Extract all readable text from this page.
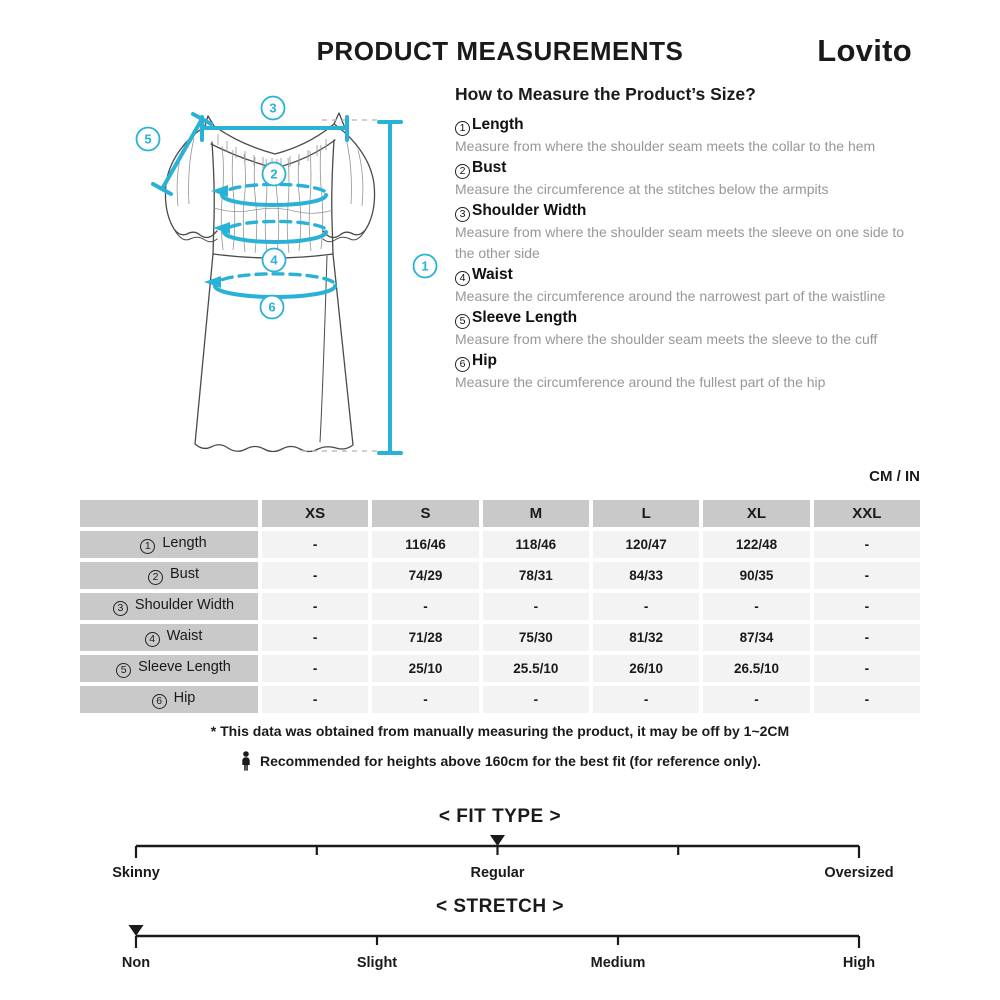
PRODUCT MEASUREMENTS	Lovito
1
2
3
4
5
6
How to Measure the Product’s Size?
1 Length
Measure from where the shoulder seam meets the collar to the hem
2 Bust
Measure the circumference at the stitches below the armpits
3 Shoulder Width
Measure from where the shoulder seam meets the sleeve on one side to the other side
4 Waist
Measure the circumference around the narrowest part of the waistline
5 Sleeve Length
Measure from where the shoulder seam meets the sleeve to the cuff
6 Hip
Measure the circumference around the fullest part of the hip
CM / IN
	XS	S	M	L	XL	XXL
1 Length	-	116/46	118/46	120/47	122/48	-
2 Bust	-	74/29	78/31	84/33	90/35	-
3 Shoulder Width	-	-	-	-	-	-
4 Waist	-	71/28	75/30	81/32	87/34	-
5 Sleeve Length	-	25/10	25.5/10	26/10	26.5/10	-
6 Hip	-	-	-	-	-	-
* This data was obtained from manually measuring the product, it may be off by 1~2CM
Recommended for heights above 160cm for the best fit (for reference only).
< FIT TYPE >
Skinny	Regular	Oversized
< STRETCH >
Non	Slight	Medium	High
